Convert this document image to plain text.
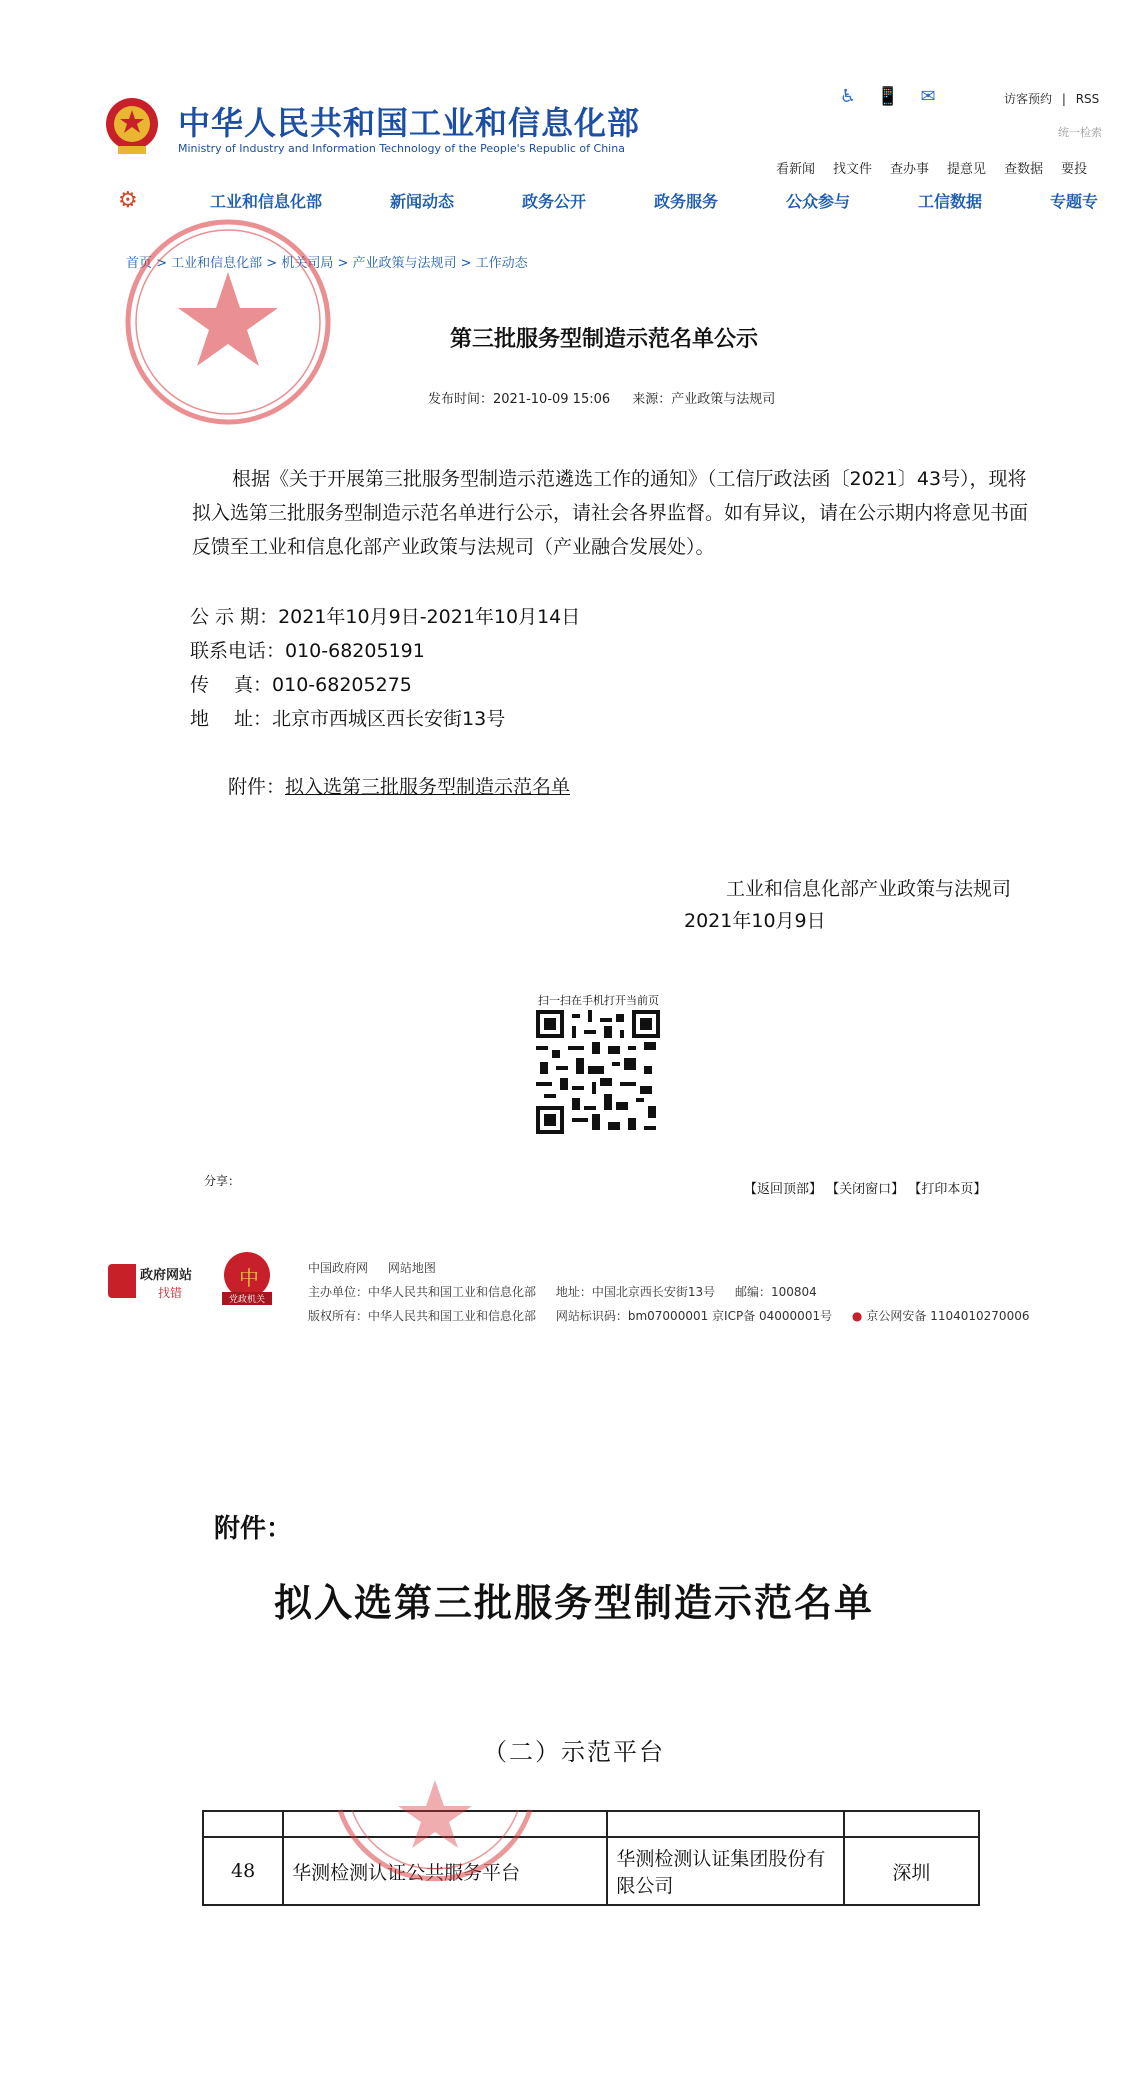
中华人民共和国工业和信息化部
Ministry of Industry and Information Technology of the People's Republic of China
♿ 📱 ✉	访客预约 | RSS
统一检索
看新闻 找文件 查办事 提意见 查数据 要投
⚙	工业和信息化部	新闻动态	政务公开	政务服务	公众参与	工信数据	专题专
首页 > 工业和信息化部 > 机关司局 > 产业政策与法规司 > 工作动态
第三批服务型制造示范名单公示
发布时间：2021-10-09 15:06 来源：产业政策与法规司

根据《关于开展第三批服务型制造示范遴选工作的通知》（工信厅政法函〔2021〕43号），现将拟入选第三批服务型制造示范名单进行公示，请社会各界监督。如有异议，请在公示期内将意见书面反馈至工业和信息化部产业政策与法规司（产业融合发展处）。

公 示 期：2021年10月9日-2021年10月14日
联系电话：010-68205191
传　 真：010-68205275
地　 址：北京市西城区西长安街13号
附件：拟入选第三批服务型制造示范名单
工业和信息化部产业政策与法规司
2021年10月9日
扫一扫在手机打开当前页
分享：
【返回顶部】 【关闭窗口】 【打印本页】
政府网站
找错
中
党政机关
中国政府网 网站地图
主办单位：中华人民共和国工业和信息化部 地址：中国北京西长安街13号 邮编：100804
版权所有：中华人民共和国工业和信息化部 网站标识码：bm07000001 京ICP备 04000001号 ● 京公网安备 1104010270006
附件：
拟入选第三批服务型制造示范名单
（二）示范平台

48	华测检测认证公共服务平台	华测检测认证集团股份有限公司	深圳
